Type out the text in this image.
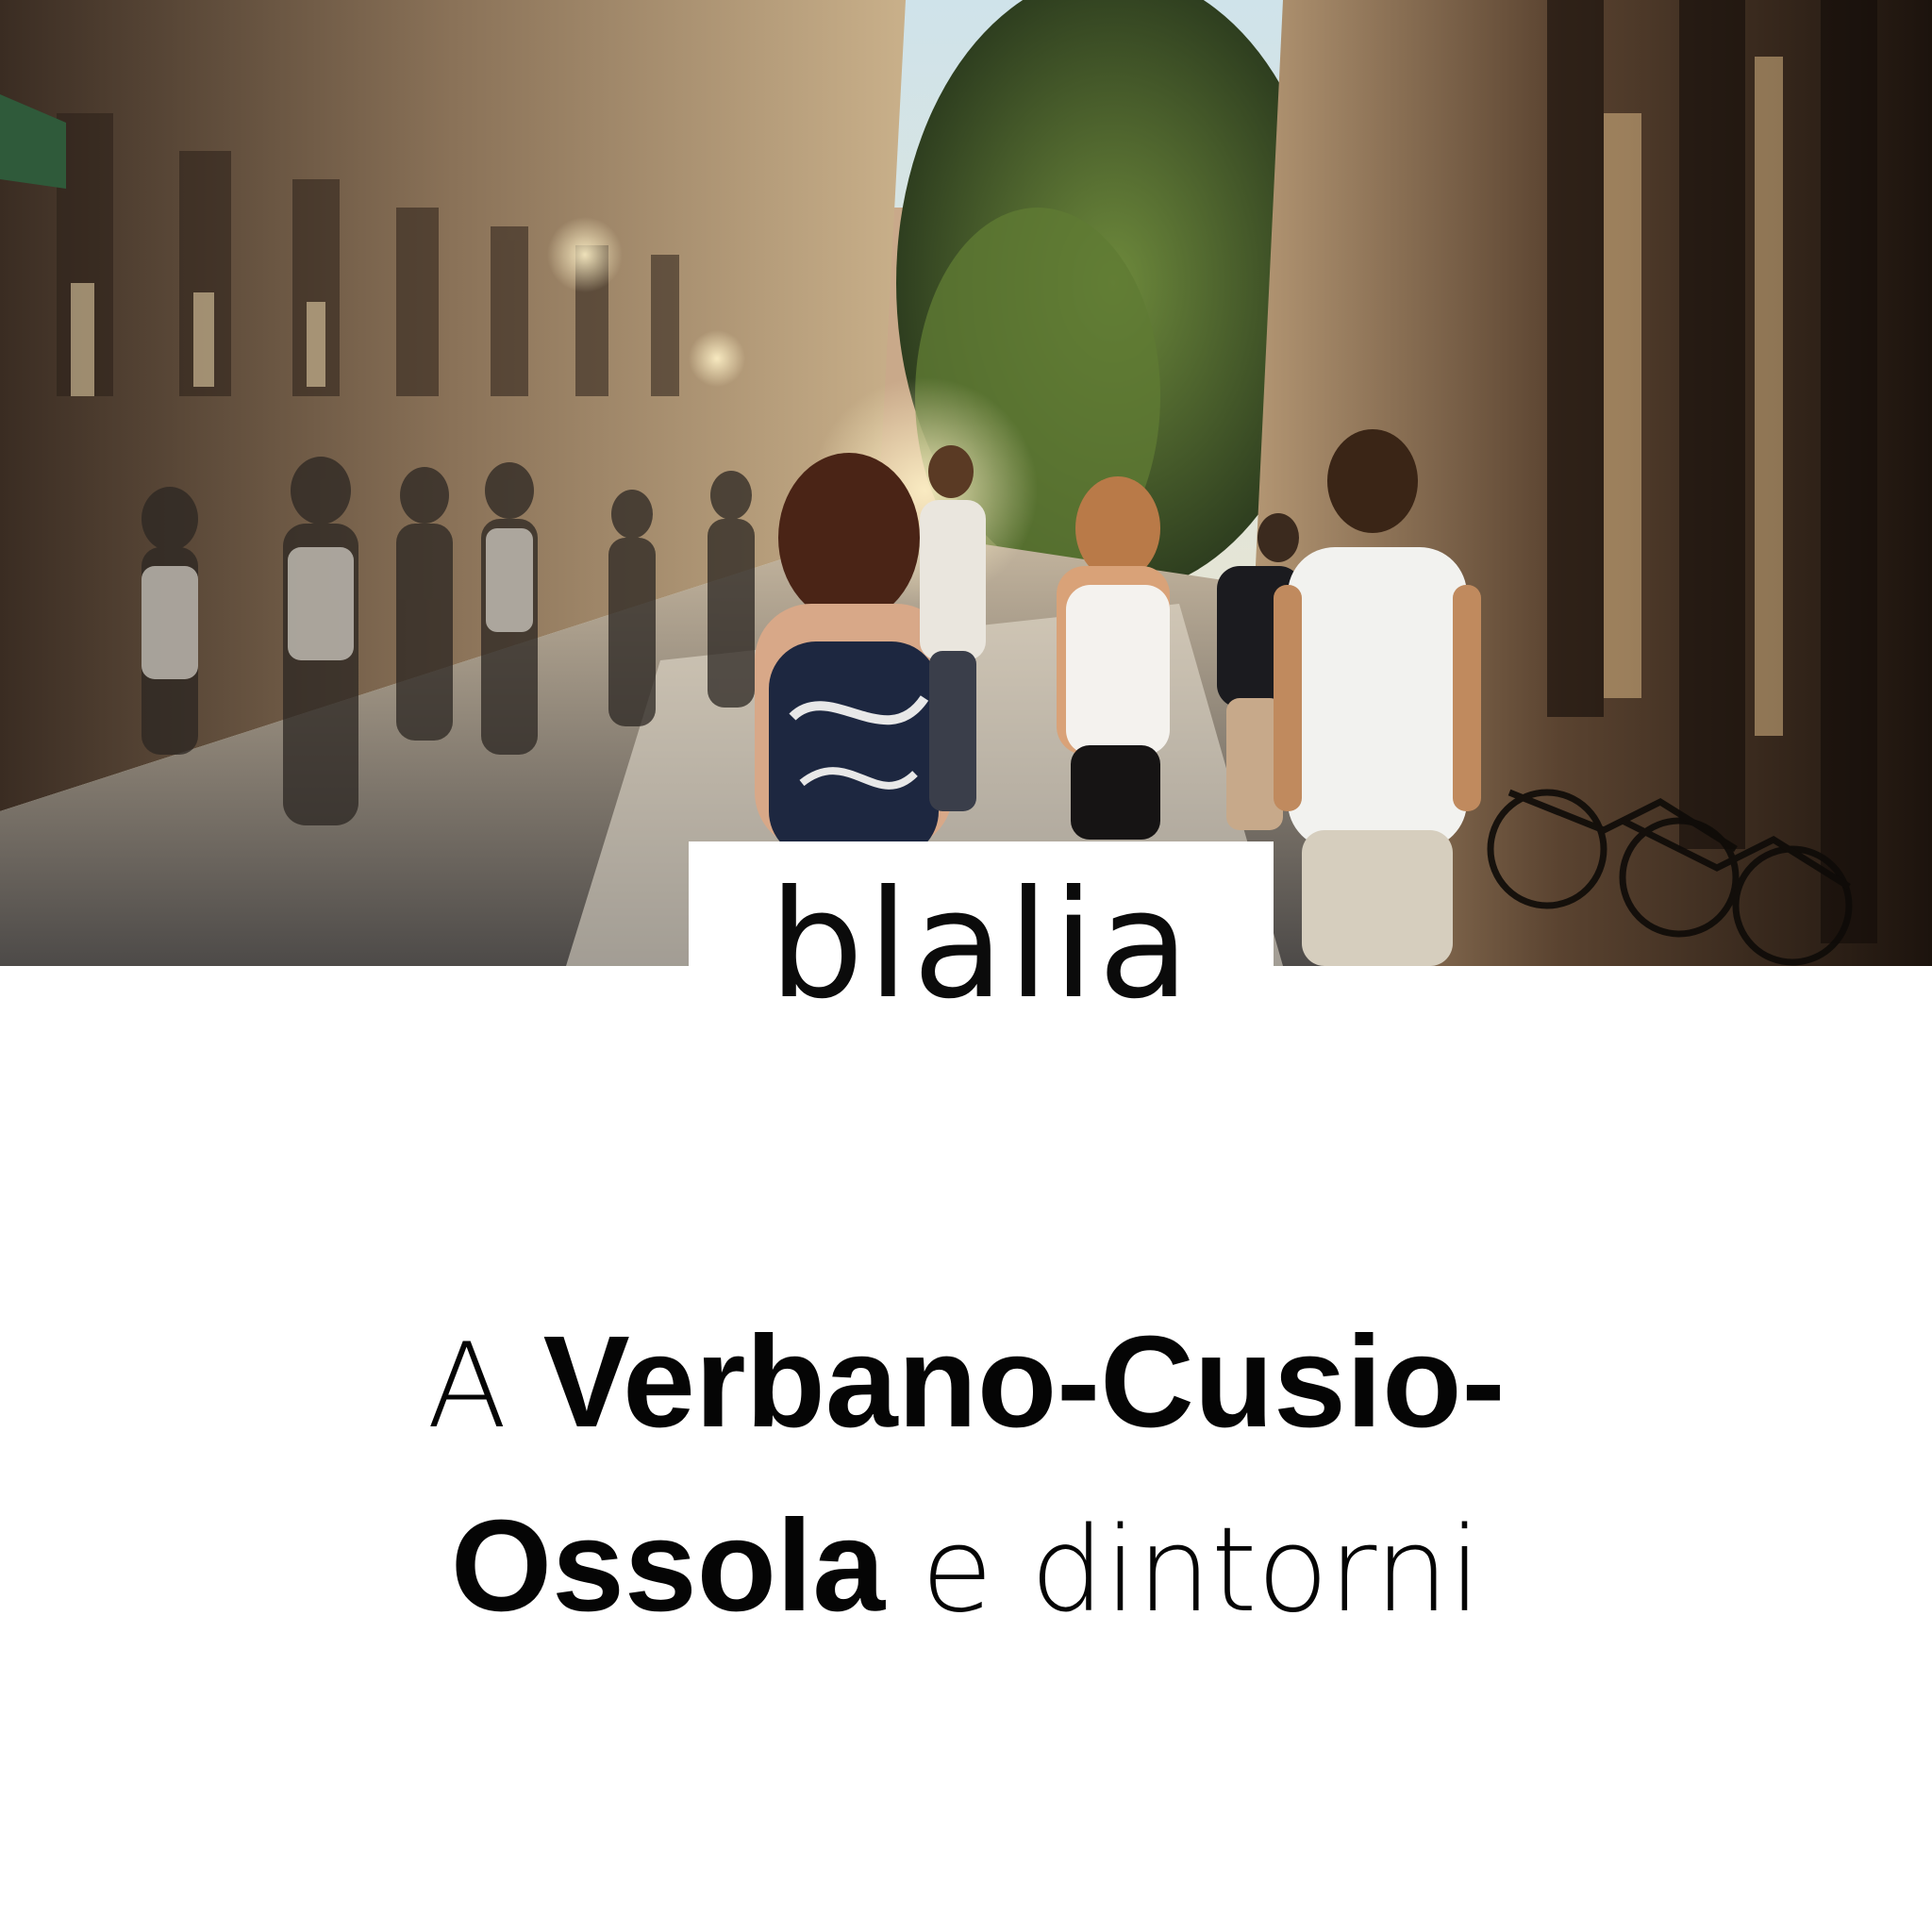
blalia
A Verbano-Cusio-
Ossola e dintorni
